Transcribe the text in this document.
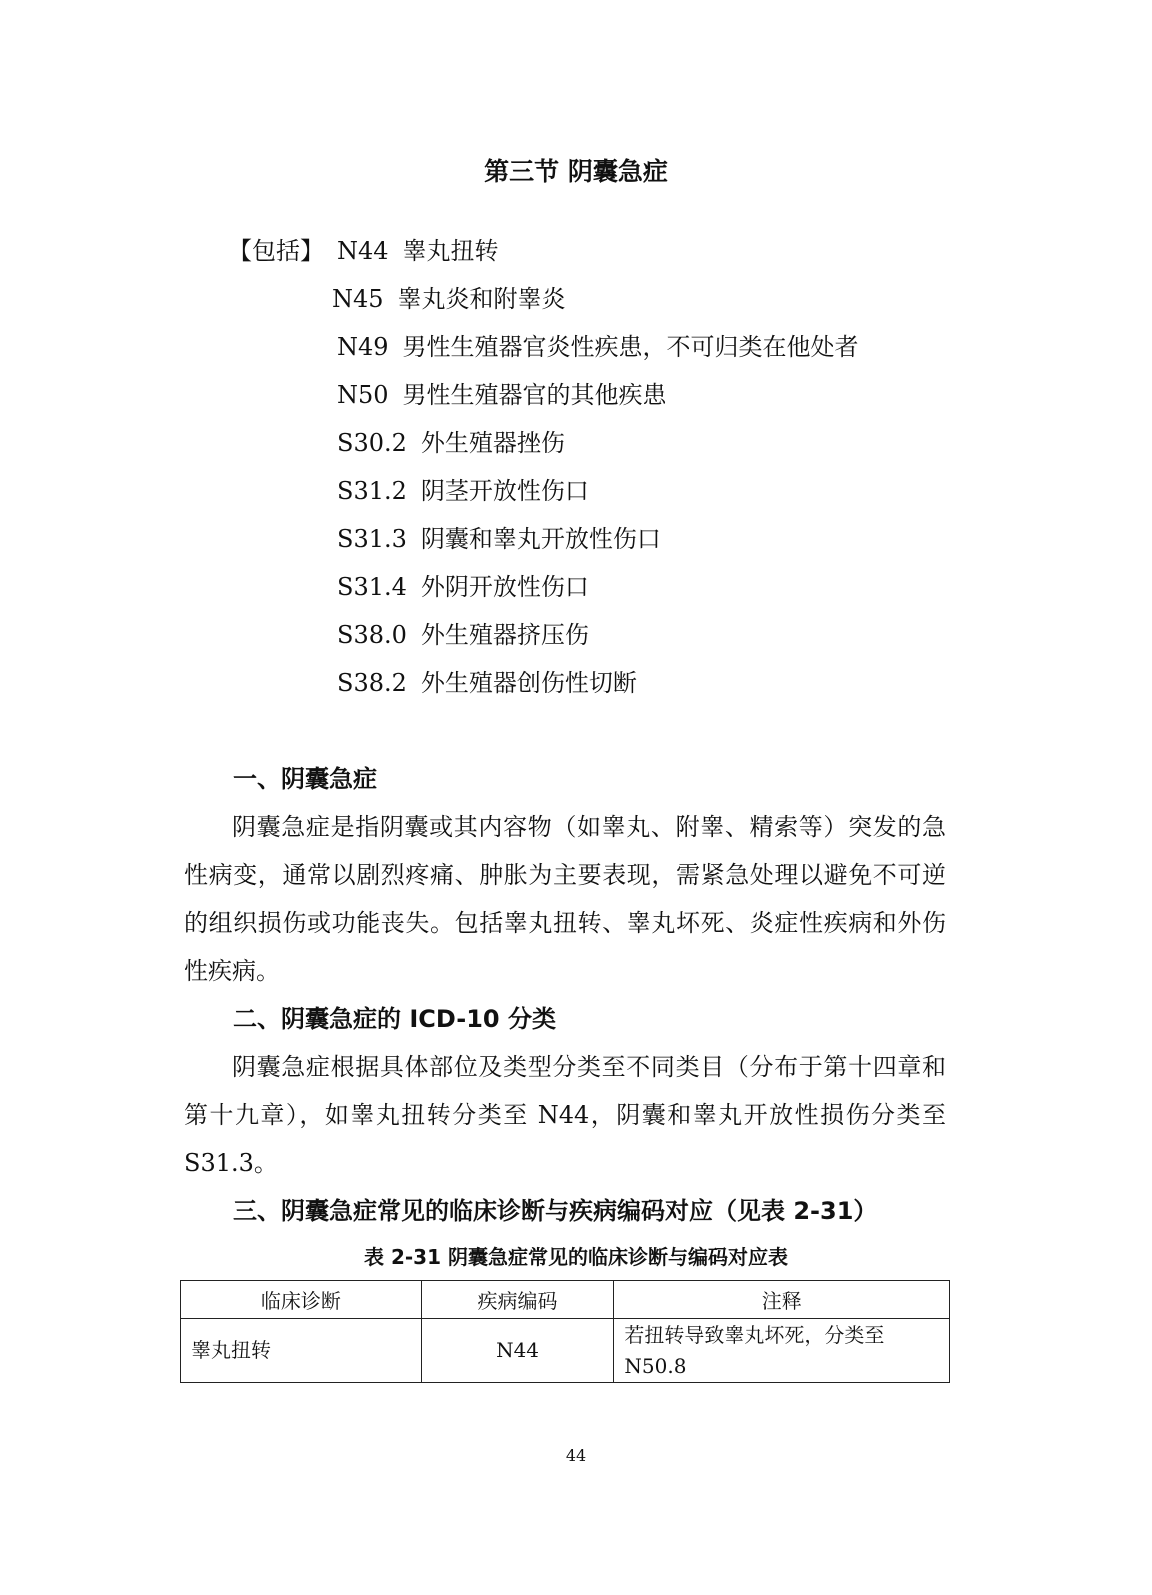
第三节 阴囊急症
【包括】 N44 睾丸扭转
N45 睾丸炎和附睾炎
N49 男性生殖器官炎性疾患，不可归类在他处者
N50 男性生殖器官的其他疾患
S30.2 外生殖器挫伤
S31.2 阴茎开放性伤口
S31.3 阴囊和睾丸开放性伤口
S31.4 外阴开放性伤口
S38.0 外生殖器挤压伤
S38.2 外生殖器创伤性切断
一、阴囊急症

阴囊急症是指阴囊或其内容物（如睾丸、附睾、精索等）突发的急性病变，通常以剧烈疼痛、肿胀为主要表现，需紧急处理以避免不可逆的组织损伤或功能丧失。包括睾丸扭转、睾丸坏死、炎症性疾病和外伤性疾病。

二、阴囊急症的 ICD-10 分类

阴囊急症根据具体部位及类型分类至不同类目（分布于第十四章和第十九章），如睾丸扭转分类至 N44，阴囊和睾丸开放性损伤分类至 S31.3。

三、阴囊急症常见的临床诊断与疾病编码对应（见表 2-31）
表 2-31 阴囊急症常见的临床诊断与编码对应表
临床诊断	疾病编码	注释
睾丸扭转	N44	若扭转导致睾丸坏死，分类至 N50.8
44
